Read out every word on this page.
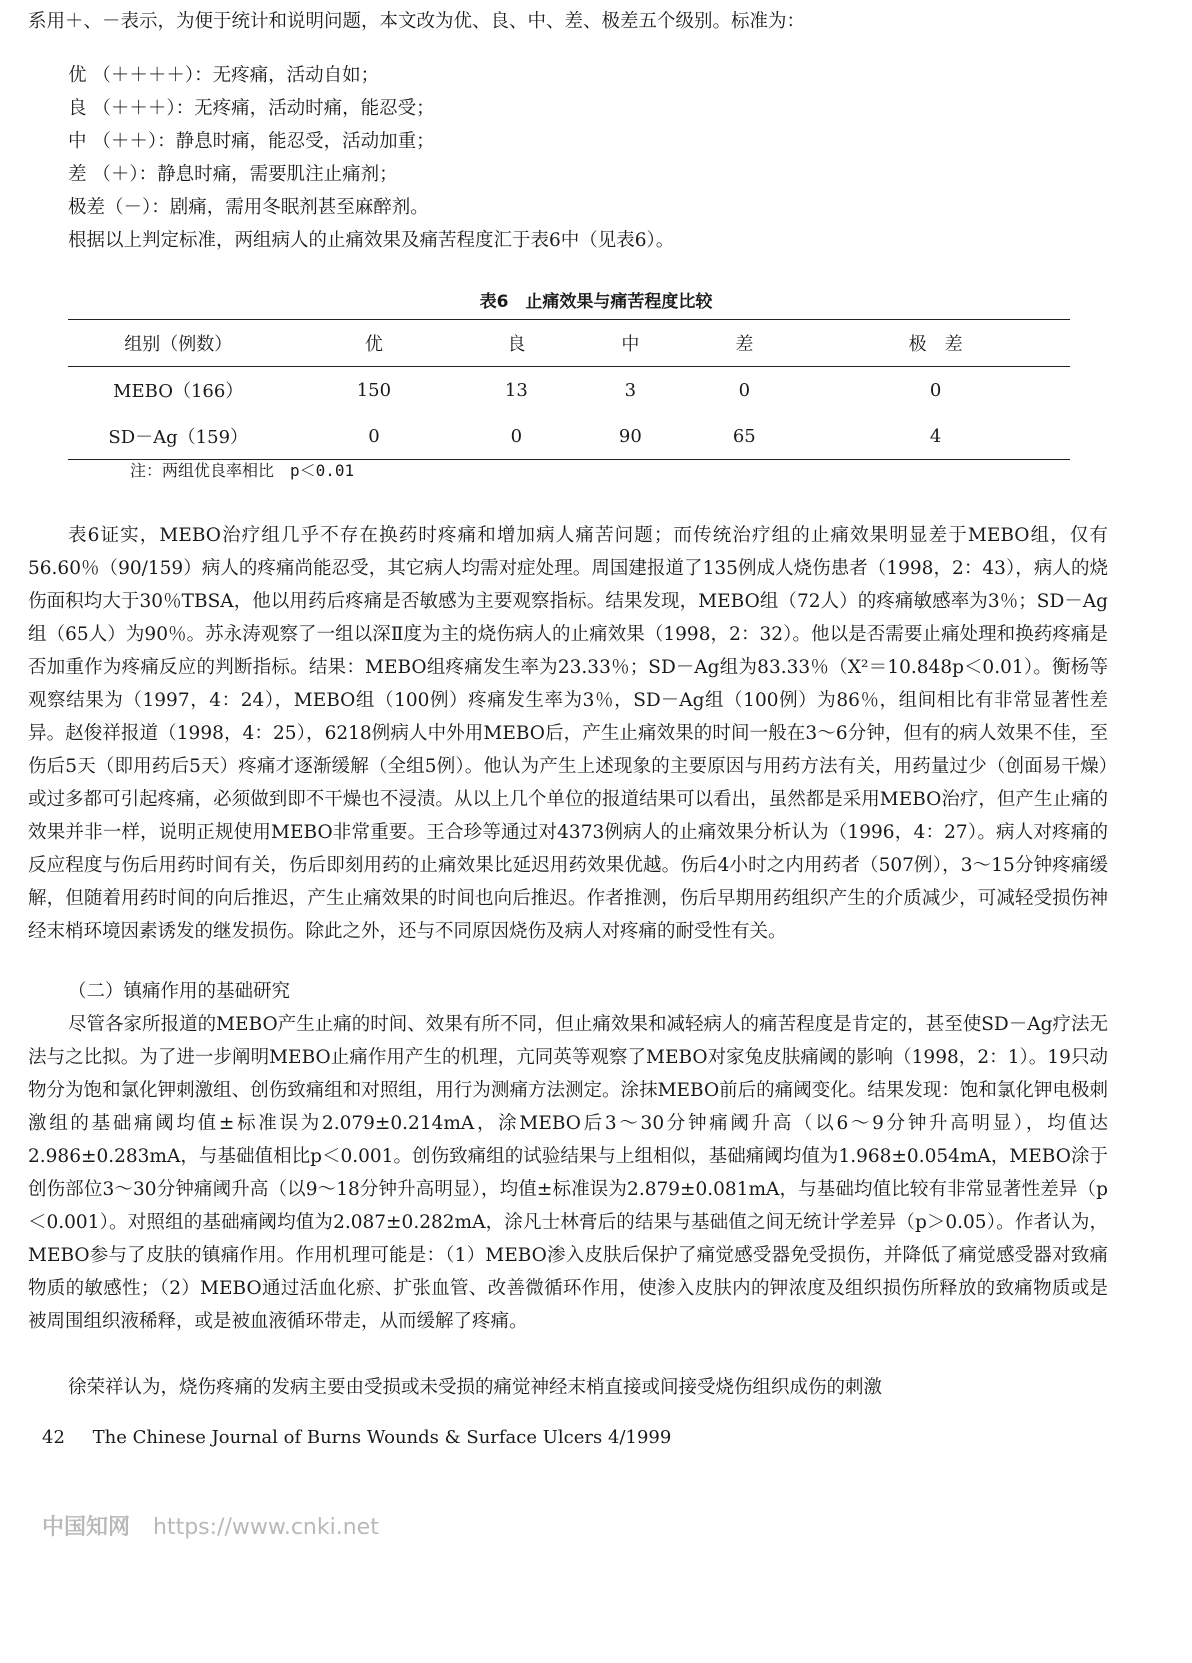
系用＋、－表示，为便于统计和说明问题，本文改为优、良、中、差、极差五个级别。标准为：
优 （＋＋＋＋）：无疼痛，活动自如；
良 （＋＋＋）：无疼痛，活动时痛，能忍受；
中 （＋＋）：静息时痛，能忍受，活动加重；
差 （＋）：静息时痛，需要肌注止痛剂；
极差（－）：剧痛，需用冬眠剂甚至麻醉剂。
根据以上判定标准，两组病人的止痛效果及痛苦程度汇于表6中（见表6）。
表6　止痛效果与痛苦程度比较
组别（例数）	优	良	中	差	极　差
MEBO（166）	150	13	3	0	0
SD－Ag（159）	0	0	90	65	4
注：两组优良率相比　p＜0.01
表6证实，MEBO治疗组几乎不存在换药时疼痛和增加病人痛苦问题；而传统治疗组的止痛效果明显差于MEBO组，仅有56.60％（90/159）病人的疼痛尚能忍受，其它病人均需对症处理。周国建报道了135例成人烧伤患者（1998，2：43），病人的烧伤面积均大于30％TBSA，他以用药后疼痛是否敏感为主要观察指标。结果发现，MEBO组（72人）的疼痛敏感率为3％；SD－Ag组（65人）为90％。苏永涛观察了一组以深Ⅱ度为主的烧伤病人的止痛效果（1998，2：32）。他以是否需要止痛处理和换药疼痛是否加重作为疼痛反应的判断指标。结果：MEBO组疼痛发生率为23.33％；SD－Ag组为83.33％（X²＝10.848p＜0.01）。衡杨等观察结果为（1997，4：24），MEBO组（100例）疼痛发生率为3％，SD－Ag组（100例）为86％，组间相比有非常显著性差异。赵俊祥报道（1998，4：25），6218例病人中外用MEBO后，产生止痛效果的时间一般在3～6分钟，但有的病人效果不佳，至伤后5天（即用药后5天）疼痛才逐渐缓解（全组5例）。他认为产生上述现象的主要原因与用药方法有关，用药量过少（创面易干燥）或过多都可引起疼痛，必须做到即不干燥也不浸渍。从以上几个单位的报道结果可以看出，虽然都是采用MEBO治疗，但产生止痛的效果并非一样，说明正规使用MEBO非常重要。王合珍等通过对4373例病人的止痛效果分析认为（1996，4：27）。病人对疼痛的反应程度与伤后用药时间有关，伤后即刻用药的止痛效果比延迟用药效果优越。伤后4小时之内用药者（507例），3～15分钟疼痛缓解，但随着用药时间的向后推迟，产生止痛效果的时间也向后推迟。作者推测，伤后早期用药组织产生的介质减少，可减轻受损伤神经末梢环境因素诱发的继发损伤。除此之外，还与不同原因烧伤及病人对疼痛的耐受性有关。
（二）镇痛作用的基础研究
尽管各家所报道的MEBO产生止痛的时间、效果有所不同，但止痛效果和减轻病人的痛苦程度是肯定的，甚至使SD－Ag疗法无法与之比拟。为了进一步阐明MEBO止痛作用产生的机理，亢同英等观察了MEBO对家兔皮肤痛阈的影响（1998，2：1）。19只动物分为饱和氯化钾刺激组、创伤致痛组和对照组，用行为测痛方法测定。涂抹MEBO前后的痛阈变化。结果发现：饱和氯化钾电极刺激组的基础痛阈均值±标准误为2.079±0.214mA，涂MEBO后3～30分钟痛阈升高（以6～9分钟升高明显），均值达2.986±0.283mA，与基础值相比p＜0.001。创伤致痛组的试验结果与上组相似，基础痛阈均值为1.968±0.054mA，MEBO涂于创伤部位3～30分钟痛阈升高（以9～18分钟升高明显），均值±标准误为2.879±0.081mA，与基础均值比较有非常显著性差异（p＜0.001）。对照组的基础痛阈均值为2.087±0.282mA，涂凡士林膏后的结果与基础值之间无统计学差异（p＞0.05）。作者认为，MEBO参与了皮肤的镇痛作用。作用机理可能是：（1）MEBO渗入皮肤后保护了痛觉感受器免受损伤，并降低了痛觉感受器对致痛物质的敏感性；（2）MEBO通过活血化瘀、扩张血管、改善微循环作用，使渗入皮肤内的钾浓度及组织损伤所释放的致痛物质或是被周围组织液稀释，或是被血液循环带走，从而缓解了疼痛。
徐荣祥认为，烧伤疼痛的发病主要由受损或未受损的痛觉神经末梢直接或间接受烧伤组织成伤的刺激
42 The Chinese Journal of Burns Wounds & Surface Ulcers 4/1999
中国知网 https://www.cnki.net
